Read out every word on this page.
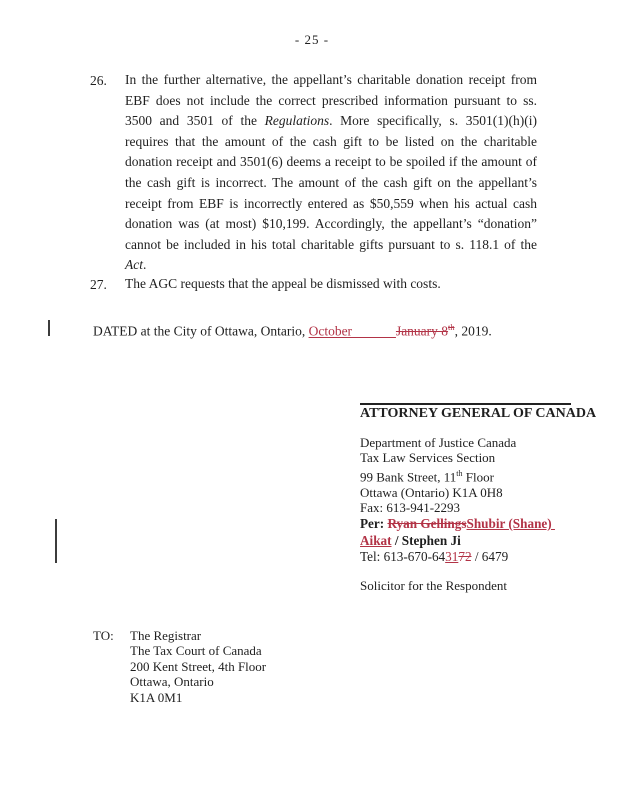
- 25 -
26. In the further alternative, the appellant’s charitable donation receipt from EBF does not include the correct prescribed information pursuant to ss. 3500 and 3501 of the Regulations. More specifically, s. 3501(1)(h)(i) requires that the amount of the cash gift to be listed on the charitable donation receipt and 3501(6) deems a receipt to be spoiled if the amount of the cash gift is incorrect. The amount of the cash gift on the appellant’s receipt from EBF is incorrectly entered as $50,559 when his actual cash donation was (at most) $10,199. Accordingly, the appellant’s “donation” cannot be included in his total charitable gifts pursuant to s. 118.1 of the Act.
27. The AGC requests that the appeal be dismissed with costs.
DATED at the City of Ottawa, Ontario, October             January 8th, 2019.
ATTORNEY GENERAL OF CANADA
Department of Justice Canada
Tax Law Services Section
99 Bank Street, 11th Floor
Ottawa (Ontario) K1A 0H8
Fax: 613-941-2293
Per: Ryan GellingsShubir (Shane)
Aikat / Stephen Ji
Tel: 613-670-643172 / 6479
Solicitor for the Respondent
TO: The Registrar
The Tax Court of Canada
200 Kent Street, 4th Floor
Ottawa, Ontario
K1A 0M1
